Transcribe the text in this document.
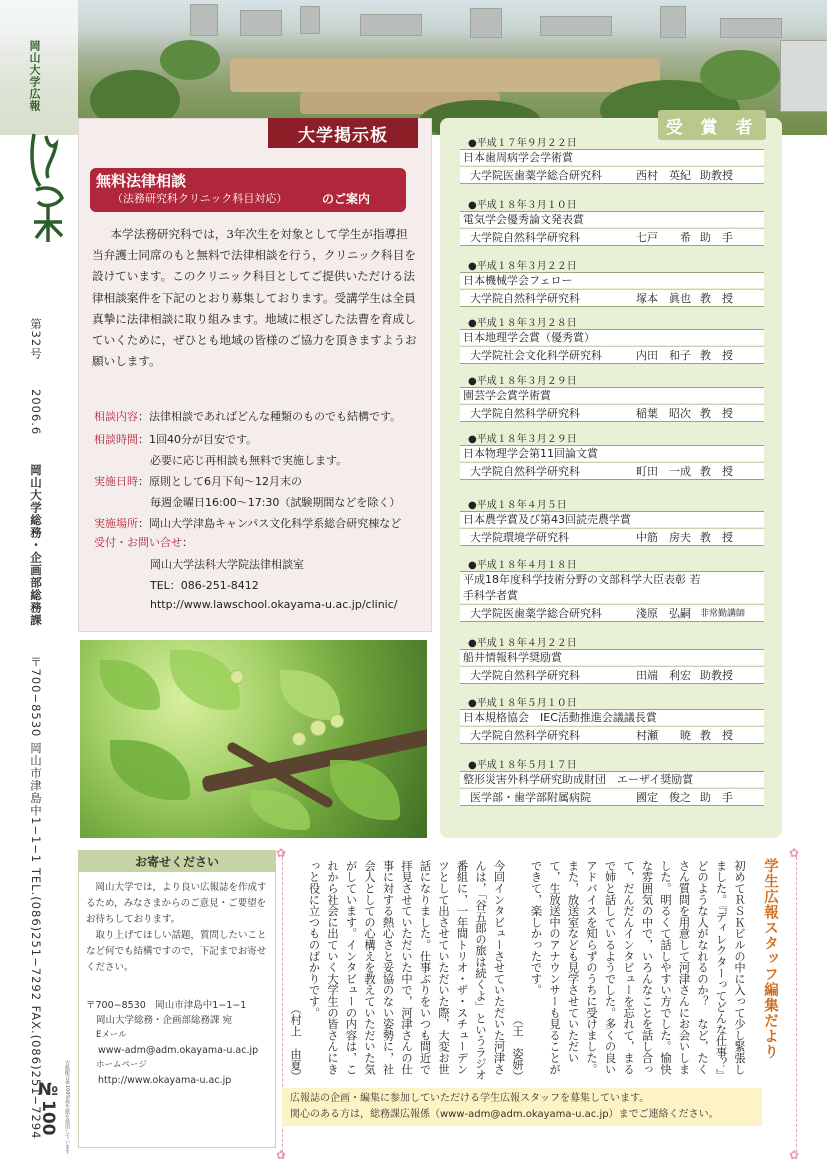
岡山大学広報
第32号　 2006.6　 岡山大学総務・企画部総務課　 〒700−8530 岡山市津島中1−1−1 TEL.(086)251−7292 FAX.(086)251−7294
№100 古紙配合率100%再生紙を使用しています
大学掲示板
無料法律相談
（法務研究科クリニック科目対応）	のご案内
本学法務研究科では，3年次生を対象として学生が指導担当弁護士同席のもと無料で法律相談を行う，クリニック科目を設けています。このクリニック科目としてご提供いただける法律相談案件を下記のとおり募集しております。受講学生は全員真摯に法律相談に取り組みます。地域に根ざした法曹を育成していくために，ぜひとも地域の皆様のご協力を頂きますようお願いします。
相談内容：法律相談であればどんな種類のものでも結構です。
相談時間：1回40分が目安です。
必要に応じ再相談も無料で実施します。
実施日時：原則として6月下旬〜12月末の
毎週金曜日16:00〜17:30（試験期間などを除く）
実施場所：岡山大学津島キャンパス文化科学系総合研究棟など
受付・お問い合せ：
岡山大学法科大学院法律相談室
TEL：086-251-8412
http://www.lawschool.okayama-u.ac.jp/clinic/
受 賞 者
●平成１７年９月２２日
日本歯周病学会学術賞
大学院医歯薬学総合研究科	西村　英紀 助教授
●平成１８年３月１０日
電気学会優秀論文発表賞
大学院自然科学研究科	七戸　　希 助　手
●平成１８年３月２２日
日本機械学会フェロー
大学院自然科学研究科	塚本　眞也 教　授
●平成１８年３月２８日
日本地理学会賞（優秀賞）
大学院社会文化科学研究科	内田　和子 教　授
●平成１８年３月２９日
園芸学会賞学術賞
大学院自然科学研究科	稲葉　昭次 教　授
●平成１８年３月２９日
日本物理学会第11回論文賞
大学院自然科学研究科	町田　一成 教　授
●平成１８年４月５日
日本農学賞及び第43回読売農学賞
大学院環境学研究科	中筋　房夫 教　授
●平成１８年４月１８日
平成18年度科学技術分野の文部科学大臣表彰 若手科学者賞
大学院医歯薬学総合研究科	淺原　弘嗣 非常勤講師
●平成１８年４月２２日
船井情報科学奨励賞
大学院自然科学研究科	田端　利宏 助教授
●平成１８年５月１０日
日本規格協会　IEC活動推進会議議長賞
大学院自然科学研究科	村瀬　　暁 教　授
●平成１８年５月１７日
整形災害外科学研究助成財団　エーザイ奨励賞
医学部・歯学部附属病院	國定　俊之 助　手
お寄せください
岡山大学では，より良い広報誌を作成するため，みなさまからのご意見・ご要望をお待ちしております。
取り上げてほしい話題，質問したいことなど何でも結構ですので，下記までお寄せください。
〒700−8530　岡山市津島中1−1−1
岡山大学総務・企画部総務課 宛
Eメール
www-adm@adm.okayama-u.ac.jp
ホームページ
http://www.okayama-u.ac.jp
✿	✿
✿	✿
学生広報スタッフ編集だより
初めてＲＳＫビルの中に入って少し緊張しました。『ディレクターってどんな仕事？』どのような人がなれるのか？　など，たくさん質問を用意して河津さんにお会いしました。明るくて話しやすい方でした。愉快な雰囲気の中で，いろんなことを話し合って，だんだんインタビューを忘れて，まるで姉と話しているようでした。多くの良いアドバイスを知らずのうちに受けました。また，放送室なども見学させていただいて，生放送中のアナウンサーも見ることができて，楽しかったです。

（王　姿妍）
今回インタビューさせていただいた河津さんは，「谷五郎の旅は続くよ」というラジオ番組に，一年間トリオ・ザ・スチューデンツとして出させていただいた際，大変お世話になりました。仕事ぶりをいつも間近で拝見させていただいた中で，河津さんの仕事に対する熱心さと妥協のない姿勢に，社会人としての心構えを教えていただいた気がしています。インタビューの内容は，これから社会に出ていく大学生の皆さんにきっと役に立つものばかりです。

（村上　由夏）
広報誌の企画・編集に参加していただける学生広報スタッフを募集しています。
関心のある方は，総務課広報係（www-adm@adm.okayama-u.ac.jp）までご連絡ください。
